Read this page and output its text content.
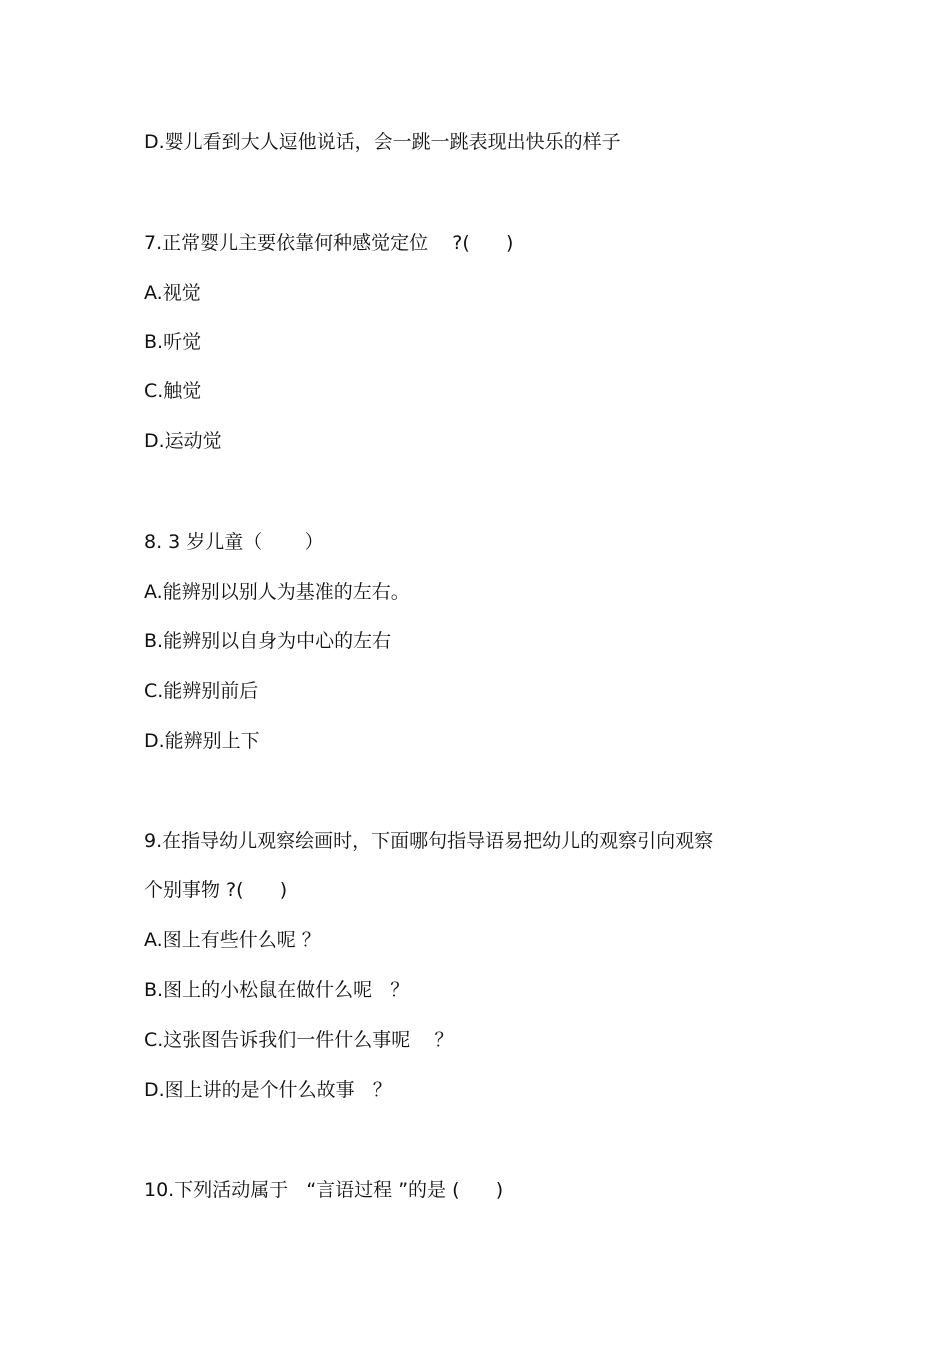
D.婴儿看到大人逗他说话，会一跳一跳表现出快乐的样子
7.正常婴儿主要依靠何种感觉定位    ?(      )
A.视觉
B.听觉
C.触觉
D.运动觉
8. 3 岁儿童（       ）
A.能辨别以别人为基准的左右。
B.能辨别以自身为中心的左右
C.能辨别前后
D.能辨别上下
9.在指导幼儿观察绘画时，下面哪句指导语易把幼儿的观察引向观察
个别事物 ?(      )
A.图上有些什么呢 ？
B.图上的小松鼠在做什么呢   ？
C.这张图告诉我们一件什么事呢    ？
D.图上讲的是个什么故事   ？
10.下列活动属于   “言语过程 ”的是 (      )
